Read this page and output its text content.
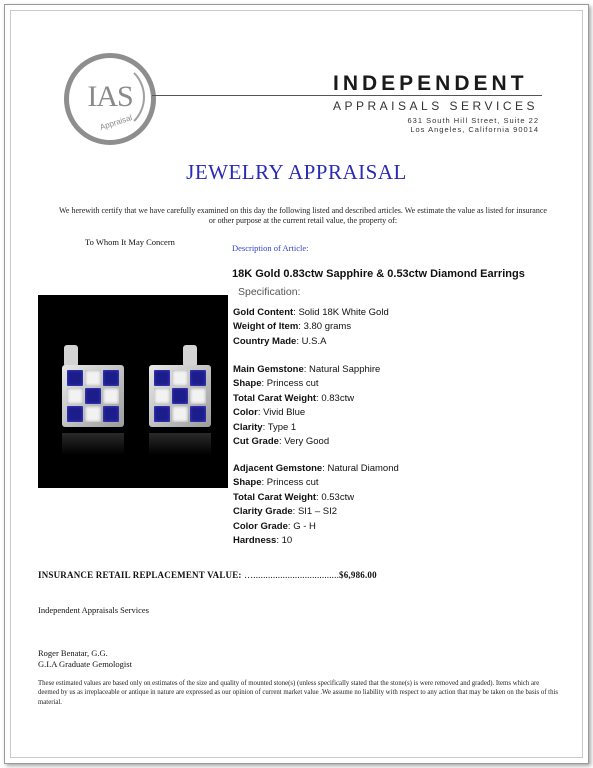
IAS
Appraisal
INDEPENDENT
APPRAISALS SERVICES
631 South Hill Street, Suite 22
Los Angeles, California 90014
JEWELRY APPRAISAL
We herewith certify that we have carefully examined on this day the following listed and described articles. We estimate the value as listed for insurance or other purpose at the current retail value, the property of:
To Whom It May Concern
Description of Article:
18K Gold 0.83ctw Sapphire & 0.53ctw Diamond Earrings
Specification:
Gold Content: Solid 18K White Gold
Weight of Item: 3.80 grams
Country Made: U.S.A
Main Gemstone: Natural Sapphire
Shape: Princess cut
Total Carat Weight: 0.83ctw
Color: Vivid Blue
Clarity: Type 1
Cut Grade: Very Good
Adjacent Gemstone: Natural Diamond
Shape: Princess cut
Total Carat Weight: 0.53ctw
Clarity Grade: SI1 – SI2
Color Grade: G - H
Hardness: 10
INSURANCE RETAIL REPLACEMENT VALUE: …...................................$6,986.00
Independent Appraisals Services
Roger Benatar, G.G.
G.I.A Graduate Gemologist
These estimated values are based only on estimates of the size and quality of mounted stone(s) (unless specifically stated that the stone(s) is were removed and graded). Items which are deemed by us as irreplaceable or antique in nature are expressed as our opinion of current market value .We assume no liability with respect to any action that may be taken on the basis of this material.
